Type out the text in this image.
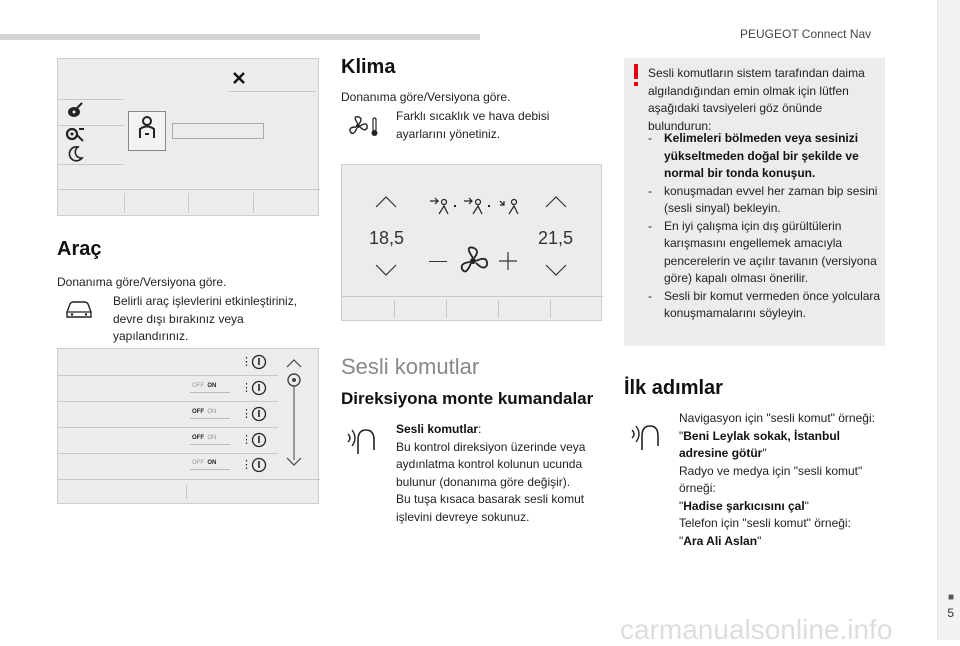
PEUGEOT Connect Nav
■
5
Araç
Donanıma göre/Versiyona göre.
Belirli araç işlevlerini etkinleştiriniz, devre dışı bırakınız veya yapılandırınız.
OFF ON
OFF ON
OFF ON
OFF ON
⋮
⋮
⋮
⋮
⋮
Klima
Donanıma göre/Versiyona göre.
Farklı sıcaklık ve hava debisi ayarlarını yönetiniz.
18,5	21,5
Sesli komutlar
Direksiyona monte kumandalar
Sesli komutlar:
Bu kontrol direksiyon üzerinde veya
aydınlatma kontrol kolunun ucunda
bulunur (donanıma göre değişir).
Bu tuşa kısaca basarak sesli komut
işlevini devreye sokunuz.
Sesli komutların sistem tarafından daima algılandığından emin olmak için lütfen aşağıdaki tavsiyeleri göz önünde bulundurun:
- Kelimeleri bölmeden veya sesinizi yükseltmeden doğal bir şekilde ve normal bir tonda konuşun.
- konuşmadan evvel her zaman bip sesini (sesli sinyal) bekleyin.
- En iyi çalışma için dış gürültülerin karışmasını engellemek amacıyla pencerelerin ve açılır tavanın (versiyona göre) kapalı olması önerilir.
- Sesli bir komut vermeden önce yolculara konuşmamalarını söyleyin.
İlk adımlar
Navigasyon için "sesli komut" örneği:
"Beni Leylak sokak, İstanbul adresine götür"
Radyo ve medya için "sesli komut" örneği:
"Hadise şarkıcısını çal"
Telefon için "sesli komut" örneği:
"Ara Ali Aslan"
carmanualsonline.info
